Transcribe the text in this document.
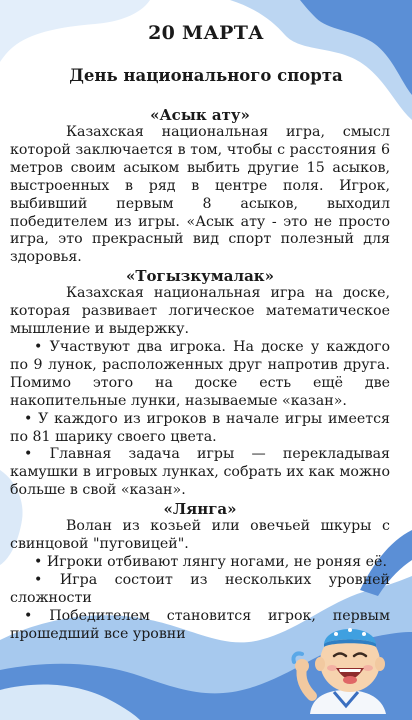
20 МАРТА
День национального спорта
«Асык ату»

Казахская национальная игра, смысл которой заключается в том, чтобы с расстояния 6 метров своим асыком выбить другие 15 асыков, выстроенных в ряд в центре поля. Игрок, выбивший первым 8 асыков, выходил победителем из игры. «Асык ату - это не просто игра, это прекрасный вид спорт полезный для здоровья.

«Тогызкумалак»

Казахская национальная игра на доске, которая развивает логическое математическое мышление и выдержку.

• Участвуют два игрока. На доске у каждого по 9 лунок, расположенных друг напротив друга. Помимо этого на доске есть ещё две накопительные лунки, называемые «казан».

• У каждого из игроков в начале игры имеется по 81 шарику своего цвета.

• Главная задача игры — перекладывая камушки в игровых лунках, собрать их как можно больше в свой «казан».

«Лянга»

Волан из козьей или овечьей шкуры с свинцовой "пуговицей".

• Игроки отбивают лянгу ногами, не роняя её.

• Игра состоит из нескольких уровней сложности

• Победителем становится игрок, первым прошедший все уровни
